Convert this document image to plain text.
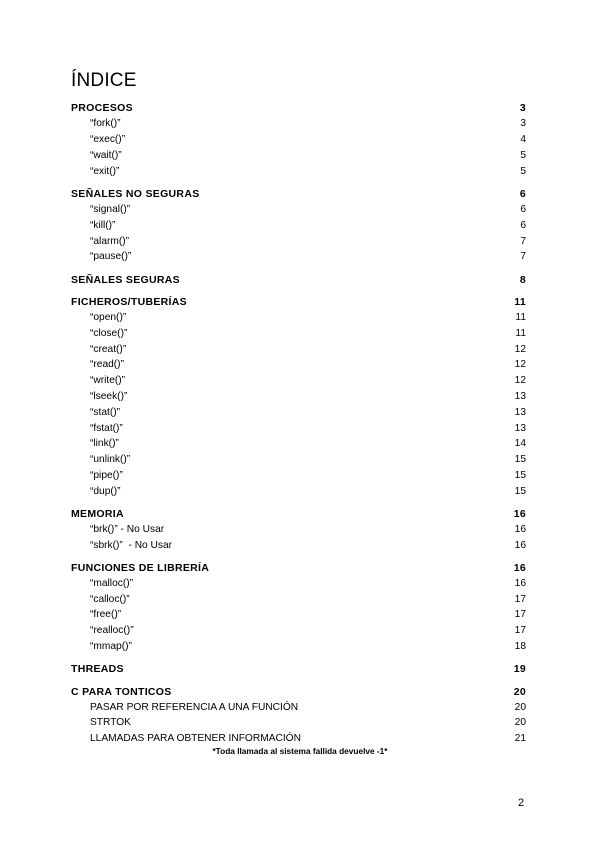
ÍNDICE
PROCESOS	3
“fork()”	3
“exec()”	4
“wait()”	5
“exit()”	5
SEÑALES NO SEGURAS	6
“signal()”	6
“kill()”	6
“alarm()”	7
“pause()”	7
SEÑALES SEGURAS	8
FICHEROS/TUBERÍAS	11
“open()”	11
“close()”	11
“creat()”	12
“read()”	12
“write()”	12
“lseek()”	13
“stat()”	13
“fstat()”	13
“link()”	14
“unlink()”	15
“pipe()”	15
“dup()”	15
MEMORIA	16
“brk()” - No Usar	16
“sbrk()”  - No Usar	16
FUNCIONES DE LIBRERÍA	16
“malloc()”	16
“calloc()”	17
“free()”	17
“realloc()”	17
“mmap()”	18
THREADS	19
C PARA TONTICOS	20
PASAR POR REFERENCIA A UNA FUNCIÓN	20
STRTOK	20
LLAMADAS PARA OBTENER INFORMACIÓN	21
*Toda llamada al sistema fallida devuelve -1*
2
